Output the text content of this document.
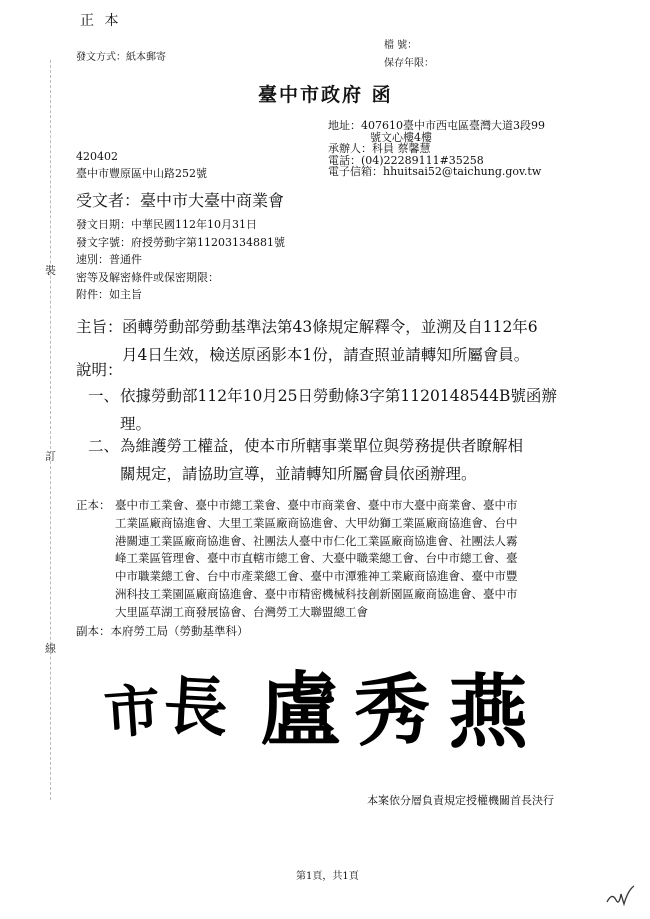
裝
訂
線
正 本
發文方式：紙本郵寄
檔 號：
保存年限：
臺中市政府 函
地址：407610臺中市西屯區臺灣大道3段99
號文心樓4樓
承辦人：科員 蔡馨慧
電話：(04)22289111#35258
電子信箱：hhuitsai52@taichung.gov.tw
420402
臺中市豐原區中山路252號
受文者：臺中市大臺中商業會
發文日期：中華民國112年10月31日
發文字號：府授勞動字第11203134881號
速別：普通件
密等及解密條件或保密期限：
附件：如主旨
主旨： 函轉勞動部勞動基準法第43條規定解釋令，並溯及自112年6
月4日生效，檢送原函影本1份，請查照並請轉知所屬會員。
說明：
一、 依據勞動部112年10月25日勞動條3字第1120148544B號函辦
理。
二、 為維護勞工權益，使本市所轄事業單位與勞務提供者瞭解相
關規定，請協助宣導，並請轉知所屬會員依函辦理。
正本： 臺中市工業會、臺中市總工業會、臺中市商業會、臺中市大臺中商業會、臺中市
工業區廠商協進會、大里工業區廠商協進會、大甲幼獅工業區廠商協進會、台中
港關連工業區廠商協進會、社團法人臺中市仁化工業區廠商協進會、社團法人霧
峰工業區管理會、臺中市直轄市總工會、大臺中職業總工會、台中市總工會、臺
中市職業總工會、台中市產業總工會、臺中市潭雅神工業廠商協進會、臺中市豐
洲科技工業園區廠商協進會、臺中市精密機械科技創新園區廠商協進會、臺中市
大里區草湖工商發展協會、台灣勞工大聯盟總工會
副本：本府勞工局（勞動基準科）
市 長 盧 秀 燕
本案依分層負責規定授權機關首長決行
第1頁，共1頁
